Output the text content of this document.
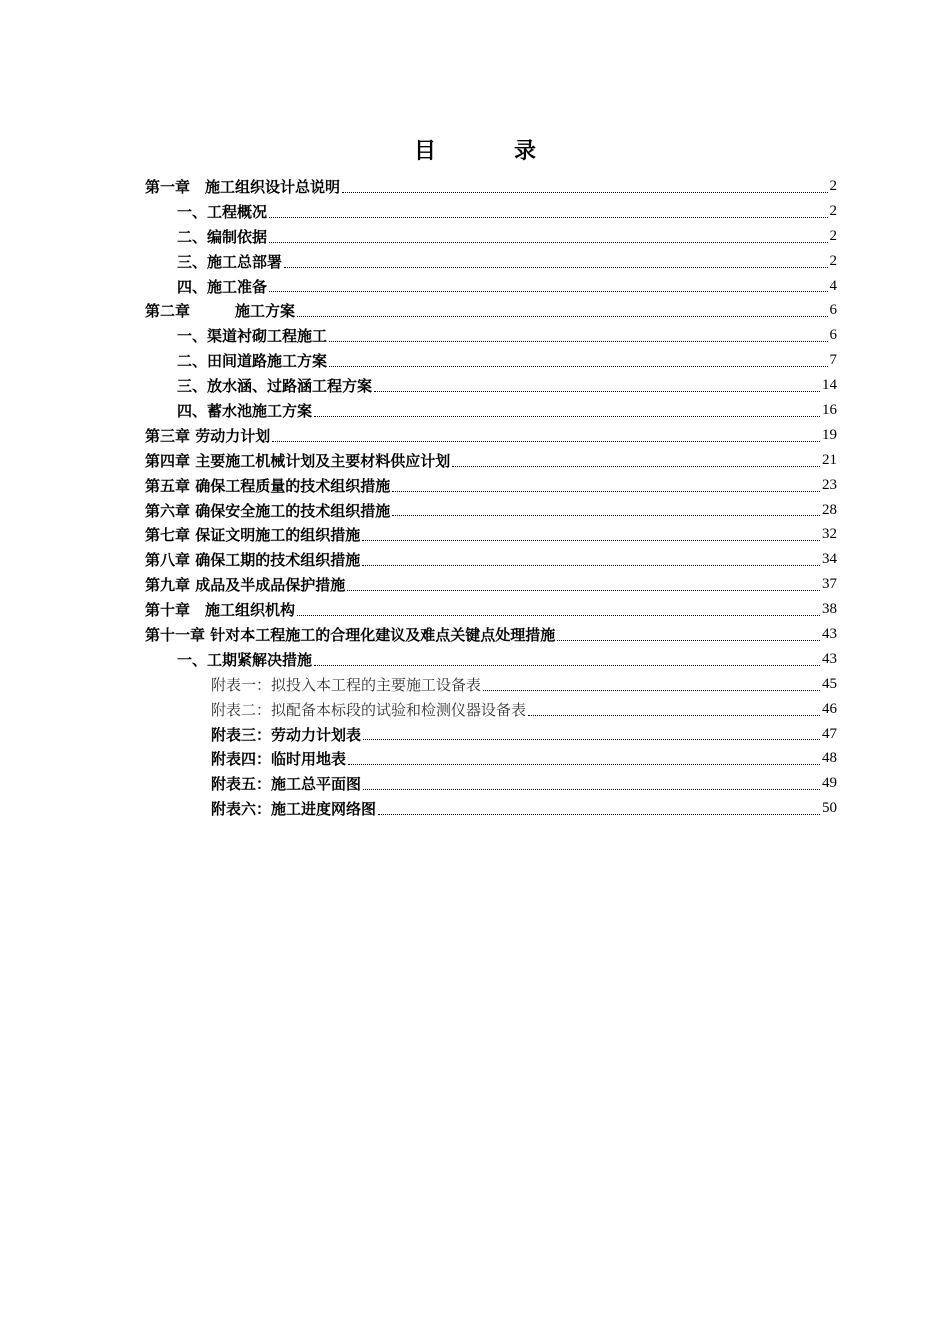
目　录
第一章　施工组织设计总说明	2
一、工程概况	2
二、编制依据	2
三、施工总部署	2
四、施工准备	4
第二章　　　施工方案	6
一、渠道衬砌工程施工	6
二、田间道路施工方案	7
三、放水涵、过路涵工程方案	14
四、蓄水池施工方案	16
第三章 劳动力计划	19
第四章 主要施工机械计划及主要材料供应计划	21
第五章 确保工程质量的技术组织措施	23
第六章 确保安全施工的技术组织措施	28
第七章 保证文明施工的组织措施	32
第八章 确保工期的技术组织措施	34
第九章 成品及半成品保护措施	37
第十章　施工组织机构	38
第十一章 针对本工程施工的合理化建议及难点关键点处理措施	43
一、工期紧解决措施	43
附表一：拟投入本工程的主要施工设备表	45
附表二：拟配备本标段的试验和检测仪器设备表	46
附表三：劳动力计划表	47
附表四：临时用地表	48
附表五：施工总平面图	49
附表六：施工进度网络图	50
